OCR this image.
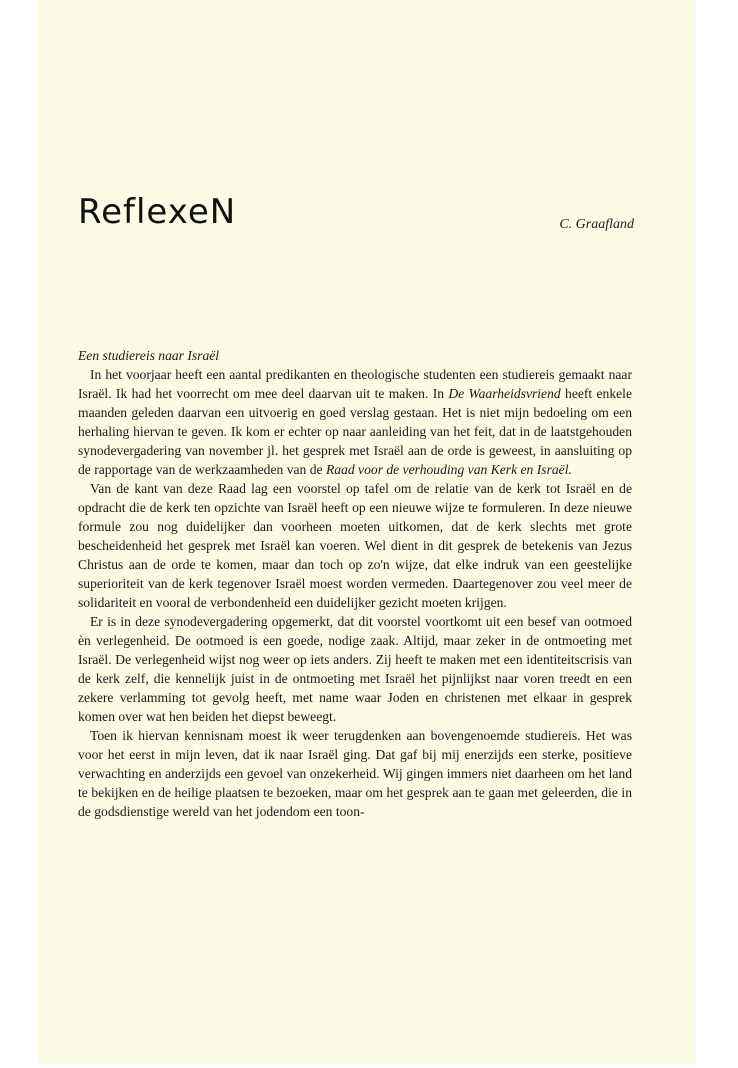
ReflexeN	C. Graafland

Een studiereis naar Israël

In het voorjaar heeft een aantal predikanten en theologische studenten een studiereis gemaakt naar Israël. Ik had het voorrecht om mee deel daarvan uit te maken. In De Waarheidsvriend heeft enkele maanden geleden daarvan een uitvoerig en goed verslag gestaan. Het is niet mijn bedoeling om een herhaling hiervan te geven. Ik kom er echter op naar aanleiding van het feit, dat in de laatstgehouden synodevergadering van november jl. het gesprek met Israël aan de orde is geweest, in aansluiting op de rapportage van de werkzaamheden van de Raad voor de verhouding van Kerk en Israël.

Van de kant van deze Raad lag een voorstel op tafel om de relatie van de kerk tot Israël en de opdracht die de kerk ten opzichte van Israël heeft op een nieuwe wijze te formuleren. In deze nieuwe formule zou nog duidelijker dan voorheen moeten uitkomen, dat de kerk slechts met grote bescheidenheid het gesprek met Israël kan voeren. Wel dient in dit gesprek de betekenis van Jezus Christus aan de orde te komen, maar dan toch op zo'n wijze, dat elke indruk van een geestelijke superioriteit van de kerk tegenover Israël moest worden vermeden. Daartegenover zou veel meer de solidariteit en vooral de verbondenheid een duidelijker gezicht moeten krijgen.

Er is in deze synodevergadering opgemerkt, dat dit voorstel voortkomt uit een besef van ootmoed èn verlegenheid. De ootmoed is een goede, nodige zaak. Altijd, maar zeker in de ontmoeting met Israël. De verlegenheid wijst nog weer op iets anders. Zij heeft te maken met een identiteitscrisis van de kerk zelf, die kennelijk juist in de ontmoeting met Israël het pijnlijkst naar voren treedt en een zekere verlamming tot gevolg heeft, met name waar Joden en christenen met elkaar in gesprek komen over wat hen beiden het diepst beweegt.

Toen ik hiervan kennisnam moest ik weer terugdenken aan bovengenoemde studiereis. Het was voor het eerst in mijn leven, dat ik naar Israël ging. Dat gaf bij mij enerzijds een sterke, positieve verwachting en anderzijds een gevoel van onzekerheid. Wij gingen immers niet daarheen om het land te bekijken en de heilige plaatsen te bezoeken, maar om het gesprek aan te gaan met geleerden, die in de godsdienstige wereld van het jodendom een toon-
